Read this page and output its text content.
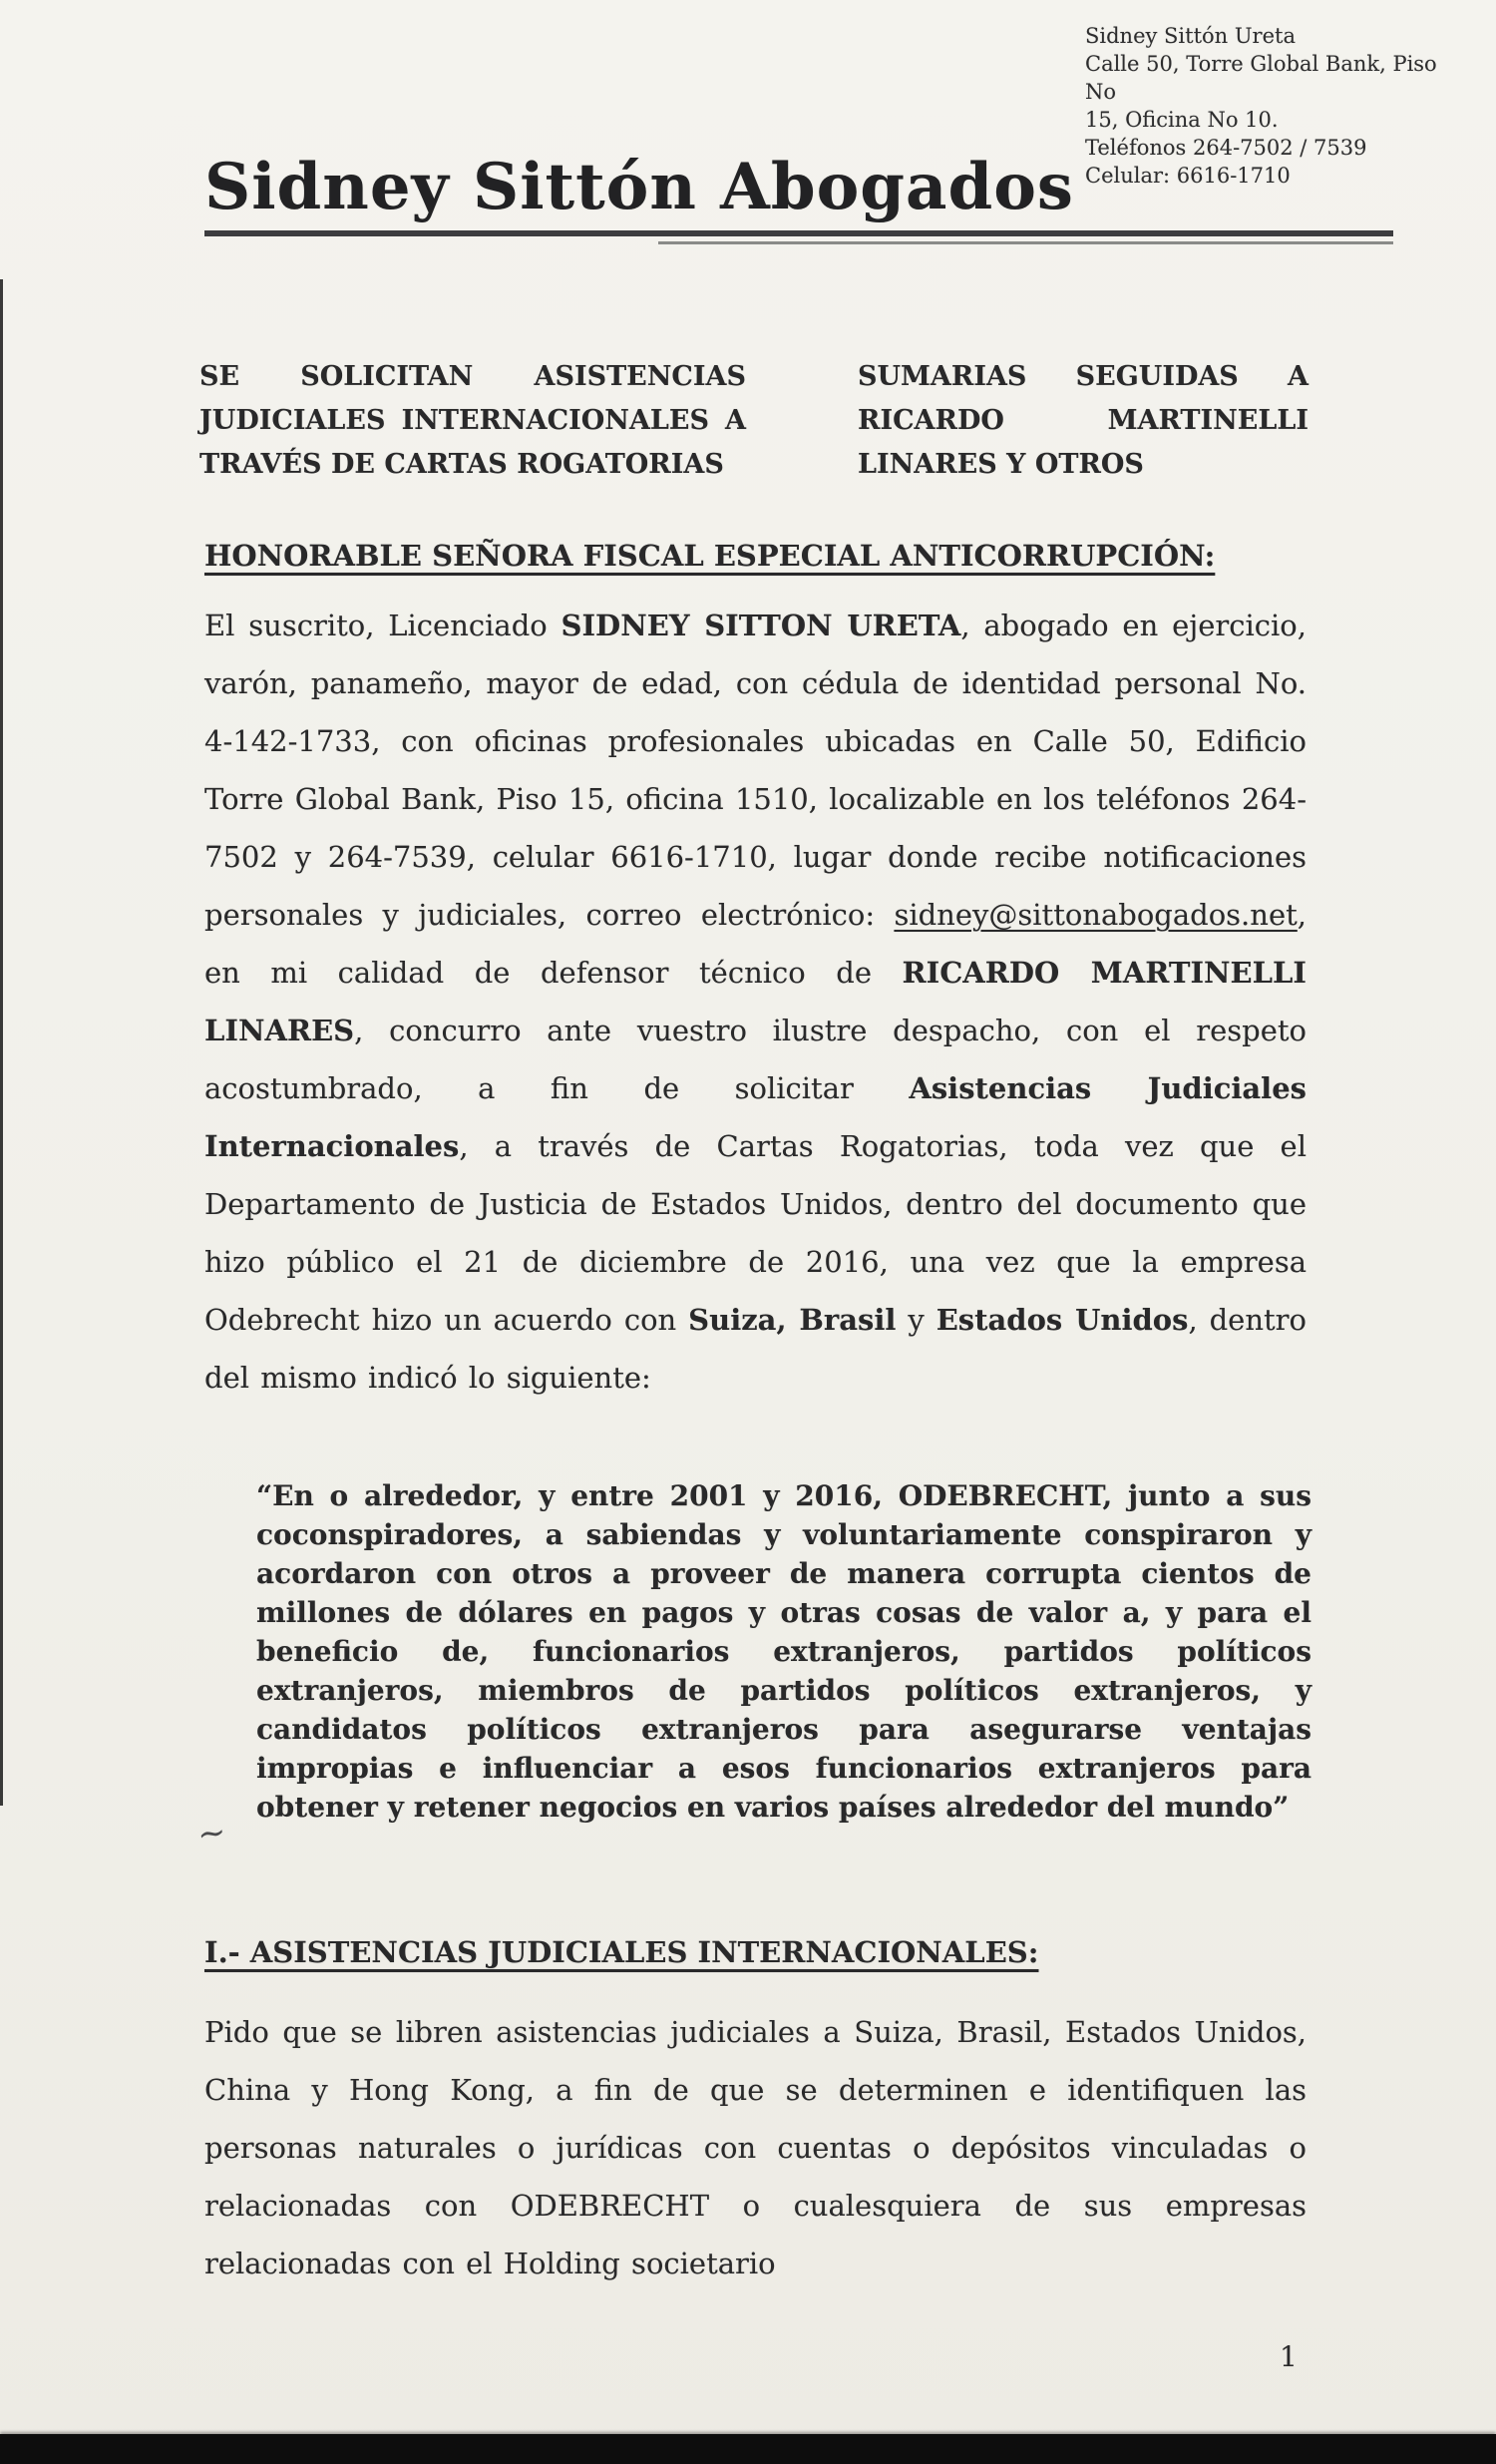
Sidney Sittón Ureta
Calle 50, Torre Global Bank, Piso No
15, Oficina No 10.
Teléfonos 264-7502 / 7539
Celular: 6616-1710
Sidney Sittón Abogados

SE SOLICITAN ASISTENCIAS JUDICIALES INTERNACIONALES A TRAVÉS DE CARTAS ROGATORIAS

SUMARIAS SEGUIDAS A RICARDO MARTINELLI LINARES Y OTROS

HONORABLE SEÑORA FISCAL ESPECIAL ANTICORRUPCIÓN:

El suscrito, Licenciado SIDNEY SITTON URETA, abogado en ejercicio, varón, panameño, mayor de edad, con cédula de identidad personal No. 4-142-1733, con oficinas profesionales ubicadas en Calle 50, Edificio Torre Global Bank, Piso 15, oficina 1510, localizable en los teléfonos 264-7502 y 264-7539, celular 6616-1710, lugar donde recibe notificaciones personales y judiciales, correo electrónico: sidney@sittonabogados.net, en mi calidad de defensor técnico de RICARDO MARTINELLI LINARES, concurro ante vuestro ilustre despacho, con el respeto acostumbrado, a fin de solicitar Asistencias Judiciales Internacionales, a través de Cartas Rogatorias, toda vez que el Departamento de Justicia de Estados Unidos, dentro del documento que hizo público el 21 de diciembre de 2016, una vez que la empresa Odebrecht hizo un acuerdo con Suiza, Brasil y Estados Unidos, dentro del mismo indicó lo siguiente:

“En o alrededor, y entre 2001 y 2016, ODEBRECHT, junto a sus coconspiradores, a sabiendas y voluntariamente conspiraron y acordaron con otros a proveer de manera corrupta cientos de millones de dólares en pagos y otras cosas de valor a, y para el beneficio de, funcionarios extranjeros, partidos políticos extranjeros, miembros de partidos políticos extranjeros, y candidatos políticos extranjeros para asegurarse ventajas impropias e influenciar a esos funcionarios extranjeros para obtener y retener negocios en varios países alrededor del mundo”
~
I.- ASISTENCIAS JUDICIALES INTERNACIONALES:

Pido que se libren asistencias judiciales a Suiza, Brasil, Estados Unidos, China y Hong Kong, a fin de que se determinen e identifiquen las personas naturales o jurídicas con cuentas o depósitos vinculadas o relacionadas con ODEBRECHT o cualesquiera de sus empresas relacionadas con el Holding societario

1
